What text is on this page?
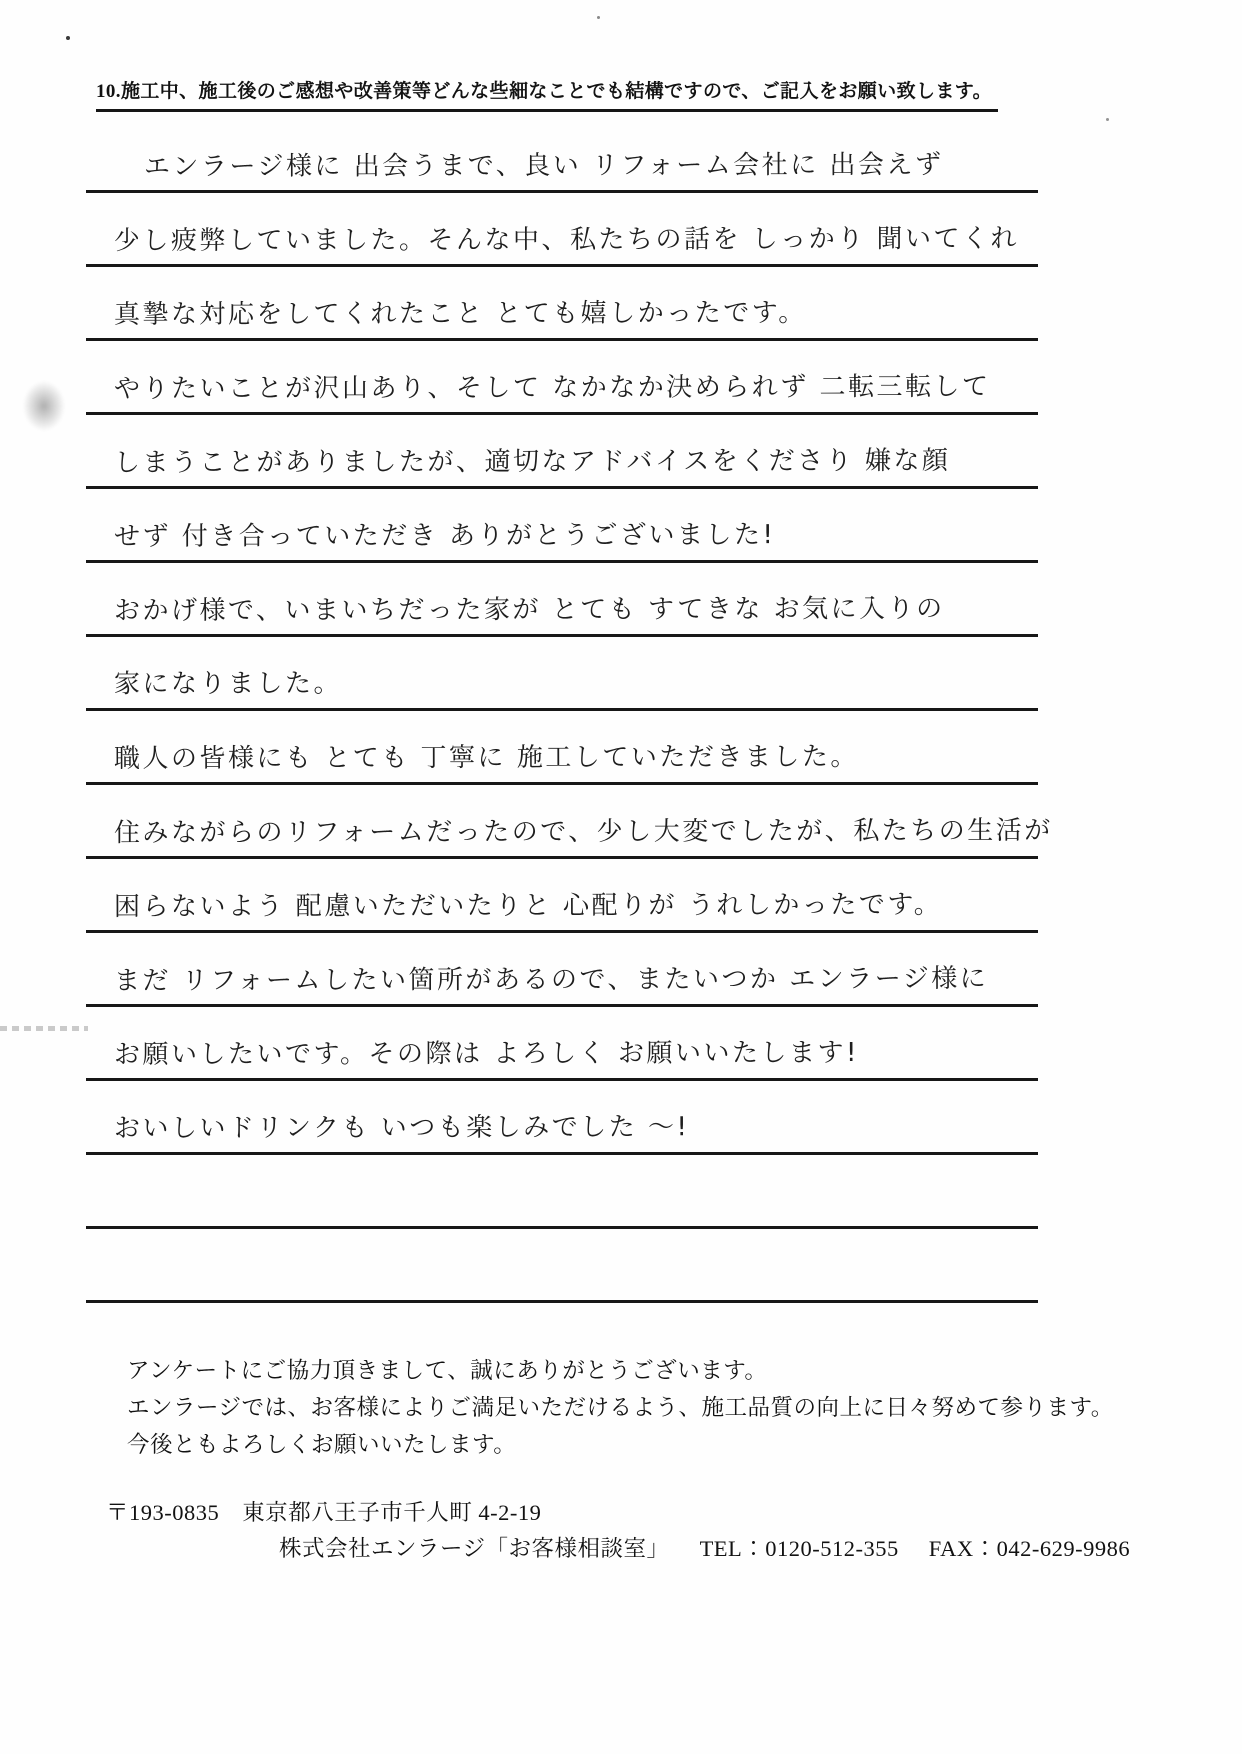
10.施工中、施工後のご感想や改善策等どんな些細なことでも結構ですので、ご記入をお願い致します。
エンラージ様に 出会うまで、良い リフォーム会社に 出会えず
少し疲弊していました。そんな中、私たちの話を しっかり 聞いてくれ
真摯な対応をしてくれたこと とても嬉しかったです。
やりたいことが沢山あり、そして なかなか決められず 二転三転して
しまうことがありましたが、適切なアドバイスをくださり 嫌な顔
せず 付き合っていただき ありがとうございました!
おかげ様で、いまいちだった家が とても すてきな お気に入りの
家になりました。
職人の皆様にも とても 丁寧に 施工していただきました。
住みながらのリフォームだったので、少し大変でしたが、私たちの生活が
困らないよう 配慮いただいたりと 心配りが うれしかったです。
まだ リフォームしたい箇所があるので、またいつか エンラージ様に
お願いしたいです。その際は よろしく お願いいたします!
おいしいドリンクも いつも楽しみでした 〜!

アンケートにご協力頂きまして、誠にありがとうございます。

エンラージでは、お客様によりご満足いただけるよう、施工品質の向上に日々努めて参ります。

今後ともよろしくお願いいたします。

〒193-0835　東京都八王子市千人町 4-2-19
株式会社エンラージ「お客様相談室」 TEL：0120-512-355 FAX：042-629-9986
